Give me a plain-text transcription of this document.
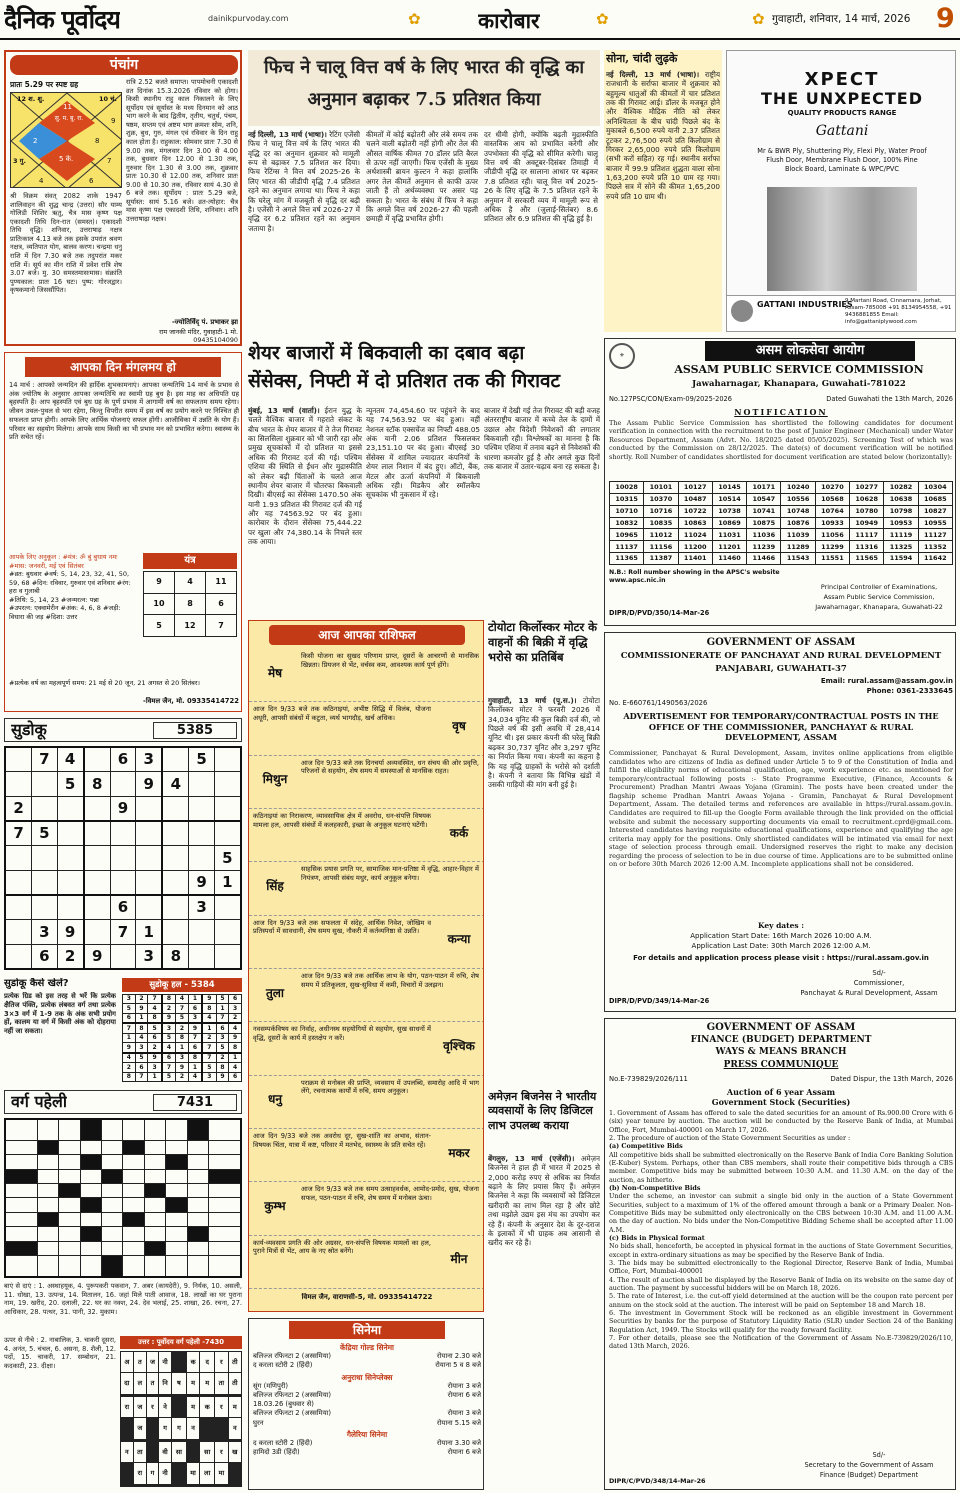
दैनिक पूर्वोदय	dainikpurvoday.com	✿	कारोबार	✿	✿ गुवाहाटी, शनिवार, 14 मार्च, 2026 9
पंचांग
प्रातः 5.29 पर स्पष्ट ग्रह
12 श. शु.
11
10 चं.
सु. म. बु. रा.
2	8
3 गु.	5 के.	7
4	6
9
श्री विक्रम संवत् 2082 शाके 1947 शालिवाहन की शुद्ध चान्द्र (उत्तरा) सौर याम्य गोलिडी शिशिर ऋतु, चैत्र मास कृष्ण पक्ष एकादशी तिथि दिन-रात (समस्त)। एकादशी तिथि वृद्धि। शनिवार, उत्तराषाढ़ नक्षत्र प्रातिःकाल 4.13 बजे तक इसके उपरांत श्रवण नक्षत्र, व्यतिपात योग, बालव करण। चन्द्रमा धनु राशि में दिन 7.30 बजे तक तदुपरांत मकर राशि में। सूर्य का मीन राशि में प्रवेश रात्रि शेष 3.07 बजे। मु. 30 समस्तमासःमास। संक्रांति पुण्यकाल: प्रातः 16 घटः। पुष्प: गोरजद्वार। कृषकमानो जिससौंपित।
रात्रि 2.52 बजते समाप्त। पापमोचनी एकादशी व्रत दिनांक 15.3.2026 रविवार को होगा। किसी स्थानीय राहु काल निकालने के लिए सूर्योदय एवं सूर्यास्त के मध्य दिनमान को आठ भाग करने के बाद द्वितीय, तृतीय, चतुर्थ, पंचम, षष्ठम, सप्तम एवं अष्टम भाग क्रमशः सोम, शनि, शुक्र, बुध, गुरु, मंगल एवं रविवार के दिन राहु काल होता है। राहुकाल: सोमवार प्रातः 7.30 से 9.00 तक, मंगलवार दिन 3.00 से 4.00 तक, बुधवार दिन 12.00 से 1.30 तक, गुरुवार दिन 1.30 से 3.00 तक, शुक्रवार प्रातः 10.30 से 12.00 तक, शनिवार प्रातः 9.00 से 10.30 तक, रविवार सायं 4.30 से 6 बजे तक। सूर्योदय : प्रातः 5.29 बजे, सूर्यास्त: सायं 5.16 बजे। व्रत-त्योहार: चैत्र मास कृष्ण पक्ष एकादशी तिथि, शनिवार। शनि उत्तराषाढ़ा नक्षत्र।
-ज्योतिर्विद् पं. प्रभाकर झा
राम जानकी मंदिर, गुवाहाटी-1 मो. 09435104090
आपका दिन मंगलमय हो
14 मार्च : आपको जन्मदिन की हार्दिक शुभकामनाएं। आपका जन्मतिथि 14 मार्च के प्रभाव से अंक ज्योतिष के अनुसार आपका जन्मतिथि का स्वामी ग्रह बुध है। इस माह का अधिपति ग्रह बृहस्पति है। आप बृहस्पति एवं बुध ग्रह के पूर्ण प्रभाव में आगामी वर्ष का सफलतम समय रहेगा। जीवन उथल-पुथल से भरा रहेगा, किन्तु विपरीत समय में इस वर्ष का प्रयोग करने पर निश्चित ही सफलता प्राप्त होगी। आपके लिए आर्थिक योजनाएं सफल होंगी। आजीविका में उन्नति के योग हैं। परिवार का सहयोग मिलेगा। आपके साथ किसी का भी प्रभाव मन को प्रभावित करेगा। स्वास्थ्य के प्रति सचेत रहें।
आपके लिए अनुकूल : #मंत्र: ॐ बुं बुधाय नमः #मास: जनवरी, मई एवं सितंबर
#व्रत: बुधवार #वर्ष: 5, 14, 23, 32, 41, 50, 59, 68 #दिन: रविवार, गुरुवार एवं शनिवार #रंग: हरा व गुलाबी
#तिथि: 5, 14, 23 #जन्मरत्न: पन्ना
#उपरत्न: एक्वामेरीन #अंक: 4, 6, 8 #जड़ी: विधारा की जड़ #दिशा: उत्तर
यंत्र
9	4	11
10	8	6
5	12	7
#प्रत्येक वर्ष का महत्वपूर्ण समय: 21 मई से 20 जून, 21 अगस्त से 20 सितंबर।
-विमल जैन, मो. 09335414722
सुडोकू	5385
	7	4		6	3		5	
		5	8		9	4		
2				9				
7	5							
								5
							9	1
				6			3	
	3	9		7	1			
	6	2	9		3	8		
सुडोकू कैसे खेलें?
प्रत्येक ग्रिड को इस तरह से भरें कि प्रत्येक क्षैतिज पंक्ति, प्रत्येक लंबवत वर्ग तथा प्रत्येक 3×3 वर्ग में 1-9 तक के अंक सभी प्रयोग हों, कालम या वर्ग में किसी अंक को दोहराया नहीं जा सकता।
सुडोकू हल - 5384
3	2	7	8	4	1	9	5	6
5	9	4	2	7	6	8	1	3
6	1	8	9	5	3	4	7	2
7	8	5	3	2	9	1	6	4
1	4	6	5	8	7	2	3	9
9	3	2	4	1	6	7	5	8
4	5	9	6	3	8	7	2	1
2	6	3	7	9	1	5	8	4
8	7	1	5	2	4	3	9	6
वर्ग पहेली	7431

बाएं से दाएं : 1. अस्थाहयूक, 4. पुरूपकरी पकवान, 7. अबर (कायदेरी), 9. निर्यक, 10. असली, 11. धोखा, 13. उत्पन्न्न, 14. मितालन, 16. जहां मिले पाती आवाज, 18. लाखों का घर पुराना नाम, 19. खरीद, 20. दलाली, 22. घर का नक्श, 24. देव भलाई, 25. शाखा, 26. रचना, 27. आधिकार, 28. पत्थर, 31. पानी, 32. मुकाम।
ऊपर से नीचे : 2. नाबालिक, 3. चाकरी दूसरा, 4. अनंत, 5. चंचल, 6. असना, 8. शैली, 12. पदों, 15. चाकरी, 17. सम्बोधन, 21. कदकाटी, 23. दीक्षा।
उत्तर : पूर्वोदय वर्ग पहेली -7430
अ	त	ज	नी		क	द	र	ती
दा	ल	त	नि	ष	म	म	ता	ती

रा	ज	र	ने		म	क	र	म
	ज		ग	ग	न			न

न	ता		वी	सा		सा	र	ख
	रा	ग	नी		मा	ला	मा	

फिच ने चालू वित्त वर्ष के लिए भारत की वृद्धि का अनुमान बढ़ाकर 7.5 प्रतिशत किया
नई दिल्ली, 13 मार्च (भाषा)। रेटिंग एजेंसी फिच ने चालू वित्त वर्ष के लिए भारत की वृद्धि दर का अनुमान शुक्रवार को मामूली रूप से बढ़ाकर 7.5 प्रतिशत कर दिया। फिच रेटिंग्स ने वित्त वर्ष 2025-26 के लिए भारत की जीडीपी वृद्धि 7.4 प्रतिशत रहने का अनुमान लगाया था। फिच ने कहा कि घरेलू मांग में मजबूती से वृद्धि दर बढ़ी है। एजेंसी ने अगले वित्त वर्ष 2026-27 में वृद्धि दर 6.2 प्रतिशत रहने का अनुमान जताया है।
कीमतों में कोई बढ़ोतरी और लंबे समय तक चलने वाली बढ़ोतरी नहीं होगी और तेल की औसत वार्षिक कीमत 70 डॉलर प्रति बैरल से ऊपर नहीं जाएगी। फिच एजेंसी के मुख्य अर्थशास्त्री ब्रायन कुल्टन ने कहा हालांकि अगर तेल कीमतें अनुमान से काफी ऊपर जाती हैं तो अर्थव्यवस्था पर असर पड़ सकता है। भारत के संबंध में फिच ने कहा कि अगले वित्त वर्ष 2026-27 की पहली छमाही में वृद्धि प्रभावित होगी।
दर धीमी होगी, क्योंकि बढ़ती मुद्रास्फीति वास्तविक आय को प्रभावित करेगी और उपभोक्ता की वृद्धि को सीमित करेगी। चालू वित्त वर्ष की अक्टूबर-दिसंबर तिमाही में जीडीपी वृद्धि दर सालाना आधार पर बढ़कर 7.8 प्रतिशत रही। चालू वित्त वर्ष 2025-26 के लिए वृद्धि के 7.5 प्रतिशत रहने के अनुमान में सरकारी व्यय में मामूली रूप से अधिक है और (जुलाई-सितंबर) 8.6 प्रतिशत और 6.9 प्रतिशत की वृद्धि हुई है।
शेयर बाजारों में बिकवाली का दबाव बढ़ा
सेंसेक्स, निफ्टी में दो प्रतिशत तक की गिरावट
मुंबई, 13 मार्च (वार्ता)। ईरान युद्ध के चलते वैश्विक बाजार में गहराते संकट के बीच भारत के शेयर बाजार में ते तेज गिरावट का सिलसिला शुक्रवार को भी जारी रहा और प्रमुख सूचकांकों में दो प्रतिशत या इससे अधिक की गिरावट दर्ज की गई। पश्चिम एशिया की स्थिति से ईंधन और मुद्रास्फीति को लेकर बढ़ी चिंताओं के चलते आज स्थानीय शेयर बाजार में चौतरफा बिकवाली दिखी। बीएसई का सेंसेक्स 1470.50 अंक यानी 1.93 प्रतिशत की गिरावट दर्ज की गई और यह 74563.92 पर बंद हुआ। कारोबार के दौरान सेंसेक्स 75,444.22 पर खुला और 74,380.14 के निचले स्तर तक आया।
न्यूनतम 74,454.60 पर पहुंचने के बाद यह 74,563.92 पर बंद हुआ। वहीं नेशनल स्टॉक एक्सचेंज का निफ्टी 488.05 अंक यानी 2.06 प्रतिशत फिसलकर 23,151.10 पर बंद हुआ। बीएसई 30 सेंसेक्स में शामिल ज्यादातर कंपनियों के शेयर लाल निशान में बंद हुए। ऑटो, बैंक, मेटल और ऊर्जा कंपनियों में बिकवाली अधिक रही। मिडकैप और स्मॉलकैप सूचकांक भी नुकसान में रहे।
बाजार में देखी गई तेज गिरावट की बड़ी वजह अंतरराष्ट्रीय बाजार में कच्चे तेल के दामों में उछाल और विदेशी निवेशकों की लगातार बिकवाली रही। विश्लेषकों का मानना है कि पश्चिम एशिया में तनाव बढ़ने से निवेशकों की धारणा कमजोर हुई है और अगले कुछ दिनों तक बाजार में उतार-चढ़ाव बना रह सकता है।
आज आपका राशिफल
मेष
किसी योजना का सुखद परिणाम प्राप्त, दूसरों के आचरणों से मानसिक खिन्नता। प्रियजन से भेंट, वर्चस्व कम, आवश्यक कार्य पूर्ण होंगे।
वृष
आज दिन 9/33 बजे तक कठिनाइयां, अभीष्ट सिद्धि में विलंब, योजना अधूरी, आपसी संबंधों में कटुता, व्यर्थ भागदौड़, खर्च अधिक।
मिथुन
आज दिन 9/33 बजे तक दिनचर्या अव्यवस्थित, धन संचय की ओर प्रवृत्ति, परिजनों से सहयोग, शेष समय में समस्याओं से मानसिक राहत।
कर्क
कठिनाइयां का निराकरण, व्यावसायिक क्षेत्र में अवरोध, धन-संपत्ति विषयक मामला हल, आपसी संबंधों में कलहकारी, इच्छा के अनुकूल घटनाएं घटेंगी।
सिंह
साहसिक प्रयास प्रगति पर, सामाजिक मान-प्रतिष्ठा में वृद्धि, आहार-विहार में नियंत्रण, आपसी संबंध मधुर, कार्य अनुकूल बनेगा।
कन्या
आज दिन 9/33 बजे तक सफलता में संदेह, आर्थिक निवेश, जोखिम व प्रतिस्पर्धा में सावधानी, शेष समय सुख, नौकरी में कर्तव्यनिष्ठा से उन्नति।
तुला
आज दिन 9/33 बजे तक आर्थिक लाभ के योग, पठन-पाठन में रुचि, शेष समय में प्रतिकूलता, सुख-सुविधा में कमी, विचारों में उलझन।
वृश्चिक
नवसम्पर्कविषय का निर्वाह, अधीनस्थ सहयोगियों से सहयोग, सुख साधनों में वृद्धि, दूसरों के कार्य में हस्तक्षेप न करें।
धनु
पराक्रम से मनोबल की प्राप्ति, व्यवसाय में उपलब्धि, समारोह आदि में भाग लेंगे, रचनात्मक कार्यों में रुचि, समय अनुकूल।
मकर
आज दिन 9/33 बजे तक अवरोध दूर, सुख-शांति का अभाव, संतान-विषयक चिंता, यात्रा में कष्ट, परिवार में मतभेद, स्वास्थ्य के प्रति सचेत रहें।
कुम्भ
आज दिन 9/33 बजे तक समय उत्साहवर्धक, आमोद-प्रमोद, सुख, योजना सफल, पठन-पाठन में रुचि, शेष समय में मनोबल ऊंचा।
मीन
कार्य-व्यवसाय प्रगति की ओर अग्रसर, धन-संपत्ति विषयक मामलों का हल, पुराने मित्रों से भेंट, आय के नए स्रोत बनेंगे।
विमल जैन, वाराणसी-5, मो. 09335414722
सिनेमा
केंद्रिया गोल्ड सिनेमा
बलिज्ज रफिनटा 2 (अस्समिया)	रोयाना 2.30 बजे
द करला स्टोरी 2 (हिंदी)	रोयाना 5 व 8 बजे
अनुराधा सिनेप्लेक्स
सूंग (मणिपुरी)	रोयाना 3 बजे
बलिज्ज रफिनटा 2 (अस्समिया)	रोयाना 6 बजे
18.03.26 (बुधवार से)
बलिज्ज रफिनटा 2 (अस्समिया)	रोयाना 3 बजे
घुरन	रोयाना 5.15 बजे
गैलेरिया सिनेमा
द करला स्टोरी 2 (हिंदी)	रोयाना 3.30 बजे
हामिदो 3डी (हिंदी)	रोयाना 6 बजे
टोयोटा किर्लोस्कर मोटर के वाहनों की बिक्री में वृद्धि भरोसे का प्रतिबिंब
गुवाहाटी, 13 मार्च (पू.स.)। टोयोटा किर्लोस्कर मोटर ने फरवरी 2026 में 34,034 यूनिट की कुल बिक्री दर्ज की, जो पिछले वर्ष की इसी अवधि में 28,414 यूनिट थी। इस प्रकार कंपनी की घरेलू बिक्री बढ़कर 30,737 यूनिट और 3,297 यूनिट का निर्यात किया गया। कंपनी का कहना है कि यह वृद्धि ग्राहकों के भरोसे को दर्शाती है। कंपनी ने बताया कि विभिन्न खंडों में उसकी गाड़ियों की मांग बनी हुई है।
अमेज़न बिजनेस ने भारतीय व्यवसायों के लिए डिजिटल लाभ उपलब्ध कराया
बेंगलुरु, 13 मार्च (एजेंसी)। अमेज़न बिजनेस ने हाल ही में भारत में 2025 से 2,000 करोड़ रुपए से अधिक का निर्यात बढ़ाने के लिए प्रयास किए हैं। अमेज़न बिजनेस ने कहा कि व्यवसायों को डिजिटल खरीदारी का लाभ मिल रहा है और छोटे तथा मझोले उद्यम इस मंच का उपयोग कर रहे हैं। कंपनी के अनुसार देश के दूर-दराज के इलाकों में भी ग्राहक अब आसानी से खरीद कर रहे हैं।
सोना, चांदी लुढ़के
नई दिल्ली, 13 मार्च (भाषा)। राष्ट्रीय राजधानी के सर्राफा बाजार में शुक्रवार को बहुमूल्य धातुओं की कीमतों में चार प्रतिशत तक की गिरावट आई। डॉलर के मजबूत होने और वैश्विक मौद्रिक नीति को लेकर अनिश्चितता के बीच चांदी पिछले बंद के मुकाबले 6,500 रुपये यानी 2.37 प्रतिशत टूटकर 2,76,500 रुपये प्रति किलोग्राम से गिरकर 2,65,000 रुपये प्रति किलोग्राम (सभी करों सहित) रह गई। स्थानीय सर्राफा बाजार में 99.9 प्रतिशत शुद्धता वाला सोना 1,63,200 रुपये प्रति 10 ग्राम रह गया। पिछले सत्र में सोने की कीमत 1,65,200 रुपये प्रति 10 ग्राम थी।
XPECT
THE UNXPECTED
QUALITY PRODUCTS RANGE
Gattani
Mr & BWR Ply, Shuttering Ply, Flexi Ply, Water Proof Flush Door, Membrane Flush Door, 100% Pine Block Board, Laminate & WPC/PVC
GATTANI INDUSTRIES
9 Martani Road, Cinnamara, Jorhat, Assam-785008 +91 8134954558, +91 9436881855 Email: info@gattaniplywood.com
⚜	असम लोकसेवा आयोग
ASSAM PUBLIC SERVICE COMMISSION
Jawaharnagar, Khanapara, Guwahati-781022
No.127PSC/CON/Exam-09/2025-2026	Dated Guwahati the 13th March, 2026
NOTIFICATION
The Assam Public Service Commission has shortlisted the following candidates for document verification in connection with the recruitment to the post of Junior Engineer (Mechanical) under Water Resources Department, Assam (Advt. No. 18/2025 dated 05/05/2025). Screening Test of which was conducted by the Commission on 28/12/2025. The date(s) of document verification will be notified shortly. Roll Number of candidates shortlisted for document verification are stated below (horizontally):
10028	10101	10127	10145	10171	10240	10270	10277	10282	10304
10315	10370	10487	10514	10547	10556	10568	10628	10638	10685
10710	10716	10722	10738	10741	10748	10764	10780	10798	10827
10832	10835	10863	10869	10875	10876	10933	10949	10953	10955
10965	11012	11024	11031	11036	11039	11056	11117	11119	11127
11137	11156	11200	11201	11239	11289	11299	11316	11325	11352
11365	11387	11401	11460	11466	11543	11551	11565	11594	11642
N.B.: Roll number showing in the APSC's website www.apsc.nic.in
Principal Controller of Examinations,
Assam Public Service Commission,
Jawaharnagar, Khanapara, Guwahati-22
DIPR/D/PVD/350/14-Mar-26
GOVERNMENT OF ASSAM
COMMISSIONERATE OF PANCHAYAT AND RURAL DEVELOPMENT
PANJABARI, GUWAHATI-37
Email: rural.assam@assam.gov.in
Phone: 0361-2333645
No. E-660761/1490563/2026
ADVERTISEMENT FOR TEMPORARY/CONTRACTUAL POSTS IN THE OFFICE OF THE COMMISSIONER, PANCHAYAT & RURAL DEVELOPMENT, ASSAM
Commissioner, Panchayat & Rural Development, Assam, invites online applications from eligible candidates who are citizens of India as defined under Article 5 to 9 of the Constitution of India and fulfill the eligibility norms of educational qualification, age, work experience etc. as mentioned for temporary/contractual following posts :- State Programme Executive, (Finance, Accounts & Procurement) Pradhan Mantri Awaas Yojana (Gramin). The posts have been created under the flagship scheme Pradhan Mantri Awaas Yojana - Gramin, Panchayat & Rural Development Department, Assam. The detailed terms and references are available in https://rural.assam.gov.in. Candidates are required to fill-up the Google Form available through the link provided on the official website and submit the necessary supporting documents via email to recruitment.cprd@gmail.com. Interested candidates having requisite educational qualifications, experience and qualifying the age criteria may apply for the positions. Only shortlisted candidates will be intimated via email for next stage of selection process through email. Undersigned reserves the right to make any decision regarding the process of selection to be in due course of time. Applications are to be submitted online on or before 30th March 2026 12:00 A.M. Incomplete applications shall not be considered.
Key dates :
Application Start Date: 16th March 2026 10:00 A.M.
Application Last Date: 30th March 2026 12:00 A.M.
For details and application process please visit : https://rural.assam.gov.in
Sd/-
Commissioner,
Panchayat & Rural Development, Assam
DIPR/D/PVD/349/14-Mar-26
GOVERNMENT OF ASSAM
FINANCE (BUDGET) DEPARTMENT
WAYS & MEANS BRANCH
PRESS COMMUNIQUE
No.E-739829/2026/111	Dated Dispur, the 13th March, 2026
Auction of 6 year Assam
Government Stock (Securities)

1. Government of Assam has offered to sale the dated securities for an amount of Rs.900.00 Crore with 6 (six) year tenure by auction. The auction will be conducted by the Reserve Bank of India, at Mumbai Office, Fort, Mumbai-400001 on March 17, 2026.

2. The procedure of auction of the State Government Securities as under :

(a) Competitive Bids

All competitive bids shall be submitted electronically on the Reserve Bank of India Core Banking Solution (E-Kuber) System. Perhaps, other than CBS members, shall route their competitive bids through a CBS member. Competitive bids may be submitted between 10:30 A.M. and 11.30 A.M. on the day of the auction, as hitherto.

(b) Non-Competitive Bids

Under the scheme, an investor can submit a single bid only in the auction of a State Government Securities, subject to a maximum of 1% of the offered amount through a bank or a Primary Dealer. Non-Competitive Bids may be submitted only electronically on the CBS between 10:30 A.M. and 11.00 A.M. on the day of auction. No bids under the Non-Competitive Bidding Scheme shall be accepted after 11.00 A.M.

(c) Bids in Physical format

No bids shall, henceforth, be accepted in physical format in the auctions of State Government Securities, except in extra-ordinary situations as may be specified by the Reserve Bank of India.

3. The bids may be submitted electronically to the Regional Director, Reserve Bank of India, Mumbai Office, Fort, Mumbai-400001

4. The result of auction shall be displayed by the Reserve Bank of India on its website on the same day of auction. The payment by successful bidders will be on March 18, 2026.

5. The rate of Interest, i.e. the cut-off yield determined at the auction will be the coupon rate percent per annum on the stock sold at the auction. The interest will be paid on September 18 and March 18.

6. The investment in Government Stock will be reckoned as an eligible investment in Government Securities by banks for the purpose of Statutory Liquidity Ratio (SLR) under Section 24 of the Banking Regulation Act, 1949. The Stocks will qualify for the ready forward facility.

7. For other details, please see the Notification of the Government of Assam No.E-739829/2026/110, dated 13th March, 2026.

Sd/-
Secretary to the Government of Assam
Finance (Budget) Department
DIPR/C/PVD/348/14-Mar-26
